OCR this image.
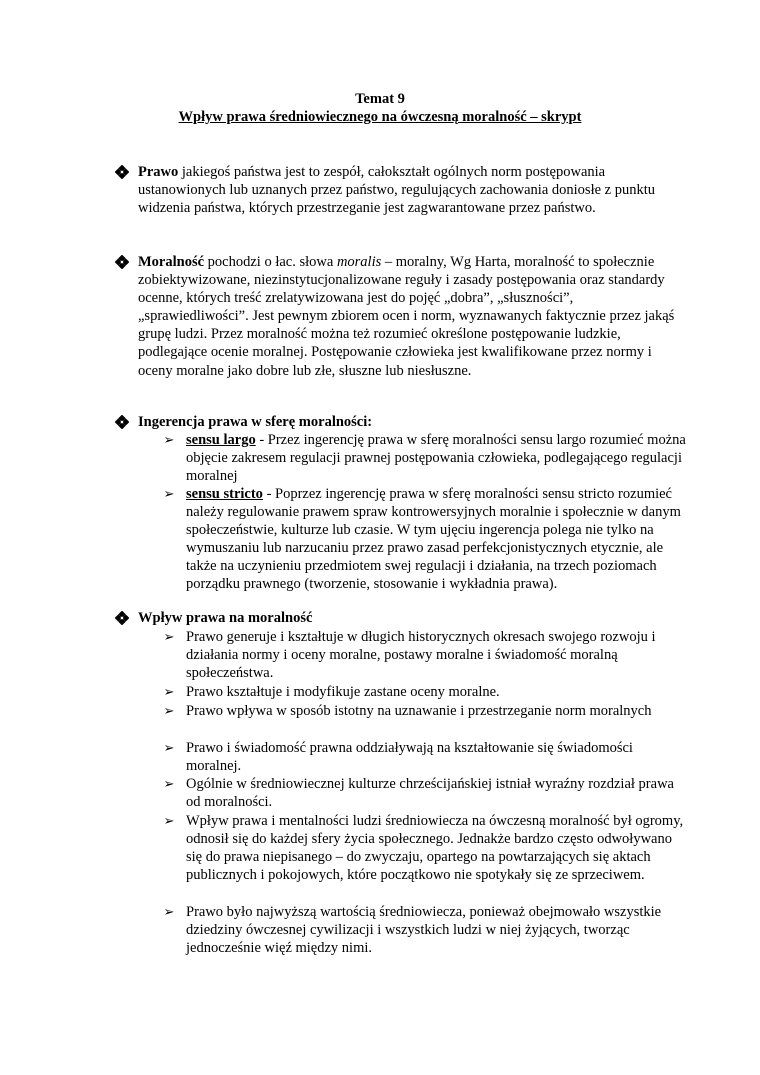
Temat 9
Wpływ prawa średniowiecznego na ówczesną moralność – skrypt
Prawo jakiegoś państwa jest to zespół, całokształt ogólnych norm postępowania ustanowionych lub uznanych przez państwo, regulujących zachowania doniosłe z punktu widzenia państwa, których przestrzeganie jest zagwarantowane przez państwo.
Moralność pochodzi o łac. słowa moralis – moralny, Wg Harta, moralność to społecznie zobiektywizowane, niezinstytucjonalizowane reguły i zasady postępowania oraz standardy ocenne, których treść zrelatywizowana jest do pojęć „dobra”, „słuszności”, „sprawiedliwości”. Jest pewnym zbiorem ocen i norm, wyznawanych faktycznie przez jakąś grupę ludzi. Przez moralność można też rozumieć określone postępowanie ludzkie, podlegające ocenie moralnej. Postępowanie człowieka jest kwalifikowane przez normy i oceny moralne jako dobre lub złe, słuszne lub niesłuszne.
Ingerencja prawa w sferę moralności:
➢ sensu largo - Przez ingerencję prawa w sferę moralności sensu largo rozumieć można objęcie zakresem regulacji prawnej postępowania człowieka, podlegającego regulacji moralnej
➢ sensu stricto - Poprzez ingerencję prawa w sferę moralności sensu stricto rozumieć należy regulowanie prawem spraw kontrowersyjnych moralnie i społecznie w danym społeczeństwie, kulturze lub czasie. W tym ujęciu ingerencja polega nie tylko na wymuszaniu lub narzucaniu przez prawo zasad perfekcjonistycznych etycznie, ale także na uczynieniu przedmiotem swej regulacji i działania, na trzech poziomach porządku prawnego (tworzenie, stosowanie i wykładnia prawa).
Wpływ prawa na moralność
➢ Prawo generuje i kształtuje w długich historycznych okresach swojego rozwoju i działania normy i oceny moralne, postawy moralne i świadomość moralną społeczeństwa.
➢ Prawo kształtuje i modyfikuje zastane oceny moralne.
➢ Prawo wpływa w sposób istotny na uznawanie i przestrzeganie norm moralnych
➢ Prawo i świadomość prawna oddziaływają na kształtowanie się świadomości moralnej.
➢ Ogólnie w średniowiecznej kulturze chrześcijańskiej istniał wyraźny rozdział prawa od moralności.
➢ Wpływ prawa i mentalności ludzi średniowiecza na ówczesną moralność był ogromy, odnosił się do każdej sfery życia społecznego. Jednakże bardzo często odwoływano się do prawa niepisanego – do zwyczaju, opartego na powtarzających się aktach publicznych i pokojowych, które początkowo nie spotykały się ze sprzeciwem.
➢ Prawo było najwyższą wartością średniowiecza, ponieważ obejmowało wszystkie dziedziny ówczesnej cywilizacji i wszystkich ludzi w niej żyjących, tworząc jednocześnie więź między nimi.
